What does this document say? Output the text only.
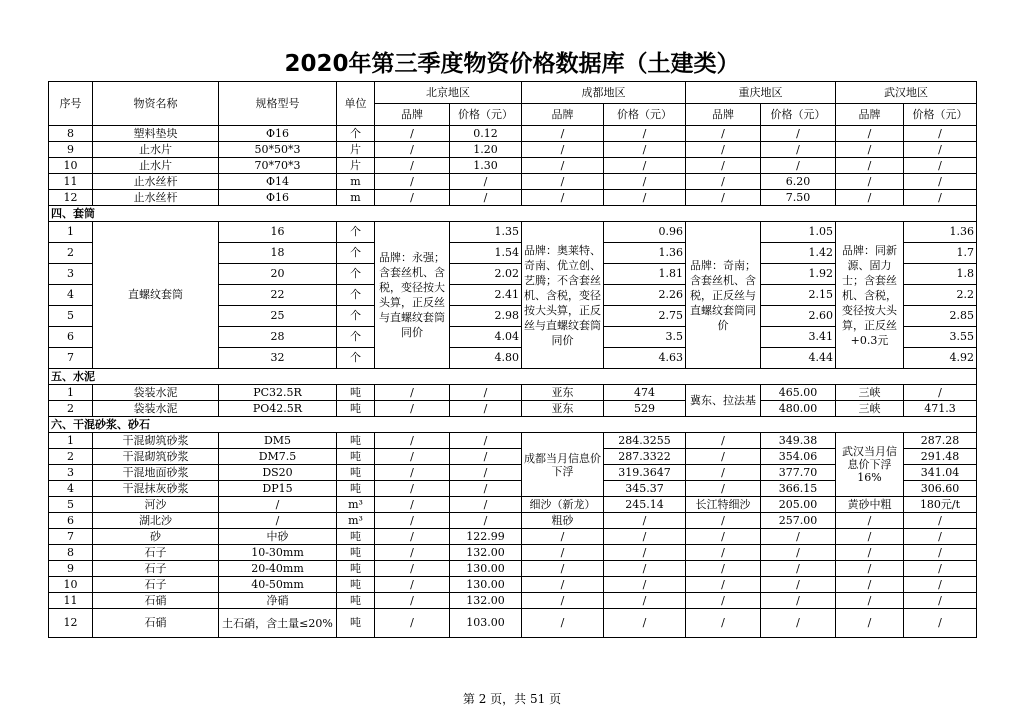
2020年第三季度物资价格数据库（土建类）
序号	物资名称	规格型号	单位	北京地区		成都地区		重庆地区		武汉地区	
				品牌	价格（元）	品牌	价格（元）	品牌	价格（元）	品牌	价格（元）
8	塑料垫块	Φ16	个	/	0.12	/	/	/	/	/	/
9	止水片	50*50*3	片	/	1.20	/	/	/	/	/	/
10	止水片	70*70*3	片	/	1.30	/	/	/	/	/	/
11	止水丝杆	Φ14	m	/	/	/	/	/	6.20	/	/
12	止水丝杆	Φ16	m	/	/	/	/	/	7.50	/	/
四、套筒											
1	直螺纹套筒	16	个	品牌：永强；含套丝机、含税，变径按大头算，正反丝与直螺纹套筒同价	1.35	品牌：奥莱特、奇南、优立创、艺腾；不含套丝机、含税，变径按大头算，正反丝与直螺纹套筒同价	0.96	品牌：奇南；含套丝机、含税，正反丝与直螺纹套筒同价	1.05	品牌：同新源、固力士；含套丝机、含税，变径按大头算，正反丝+0.3元	1.36
2		18	个		1.54		1.36		1.42		1.7
3		20	个		2.02		1.81		1.92		1.8
4		22	个		2.41		2.26		2.15		2.2
5		25	个		2.98		2.75		2.60		2.85
6		28	个		4.04		3.5		3.41		3.55
7		32	个		4.80		4.63		4.44		4.92
五、水泥											
1	袋装水泥	PC32.5R	吨	/	/	亚东	474	冀东、拉法基	465.00	三峡	/
2	袋装水泥	PO42.5R	吨	/	/	亚东	529		480.00	三峡	471.3
六、干混砂浆、砂石											
1	干混砌筑砂浆	DM5	吨	/	/	成都当月信息价下浮	284.3255	/	349.38	武汉当月信息价下浮16%	287.28
2	干混砌筑砂浆	DM7.5	吨	/	/		287.3322	/	354.06		291.48
3	干混地面砂浆	DS20	吨	/	/		319.3647	/	377.70		341.04
4	干混抹灰砂浆	DP15	吨	/	/		345.37	/	366.15		306.60
5	河沙	/	m³	/	/	细沙（新龙）	245.14	长江特细沙	205.00	黄砂中粗	180元/t
6	湖北沙	/	m³	/	/	粗砂	/	/	257.00	/	/
7	砂	中砂	吨	/	122.99	/	/	/	/	/	/
8	石子	10-30mm	吨	/	132.00	/	/	/	/	/	/
9	石子	20-40mm	吨	/	130.00	/	/	/	/	/	/
10	石子	40-50mm	吨	/	130.00	/	/	/	/	/	/
11	石硝	净硝	吨	/	132.00	/	/	/	/	/	/
12	石硝	土石硝，含土量≤20%	吨	/	103.00	/	/	/	/	/	/
第 2 页，共 51 页
